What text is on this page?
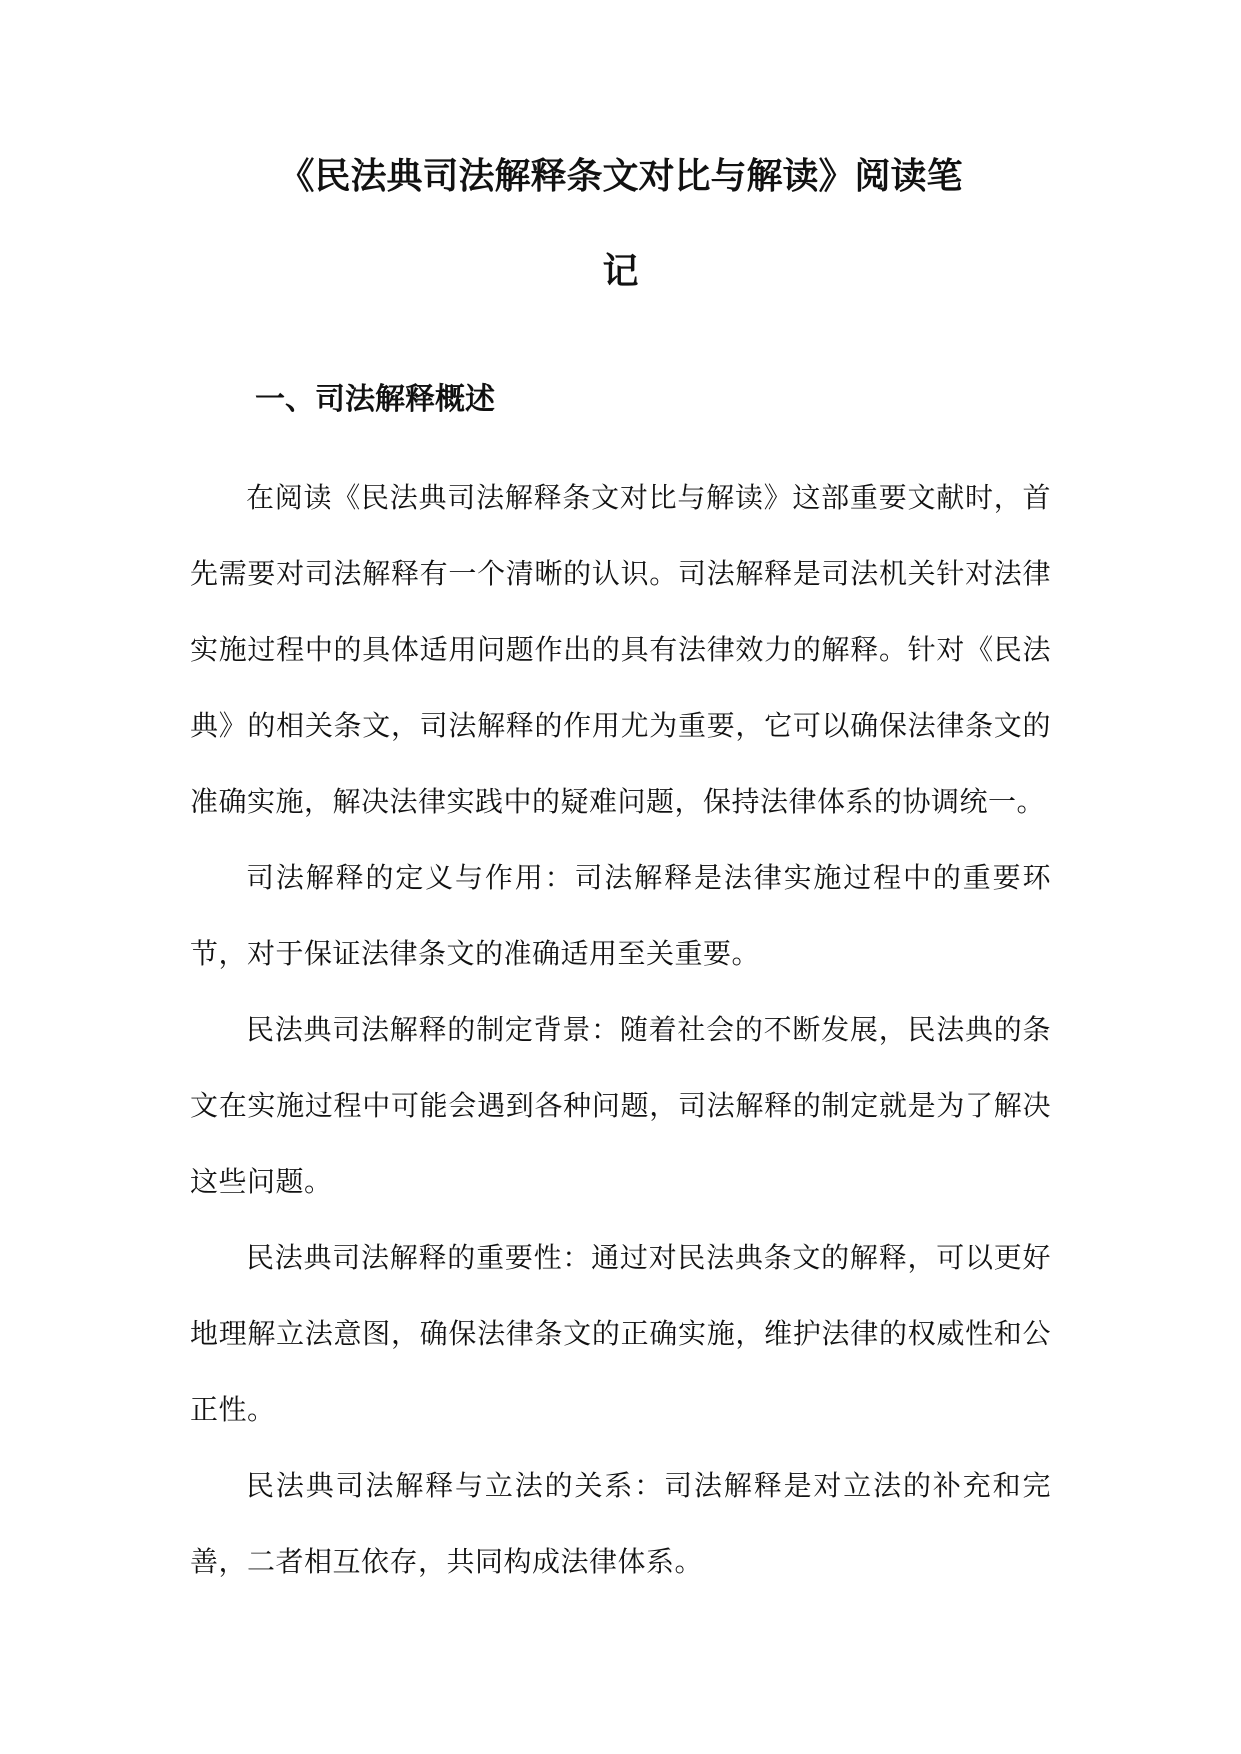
《民法典司法解释条文对比与解读》阅读笔
记
一、司法解释概述

在阅读《民法典司法解释条文对比与解读》这部重要文献时，首先需要对司法解释有一个清晰的认识。司法解释是司法机关针对法律实施过程中的具体适用问题作出的具有法律效力的解释。针对《民法典》的相关条文，司法解释的作用尤为重要，它可以确保法律条文的准确实施，解决法律实践中的疑难问题，保持法律体系的协调统一。

司法解释的定义与作用：司法解释是法律实施过程中的重要环节，对于保证法律条文的准确适用至关重要。

民法典司法解释的制定背景：随着社会的不断发展，民法典的条文在实施过程中可能会遇到各种问题，司法解释的制定就是为了解决这些问题。

民法典司法解释的重要性：通过对民法典条文的解释，可以更好地理解立法意图，确保法律条文的正确实施，维护法律的权威性和公正性。

民法典司法解释与立法的关系：司法解释是对立法的补充和完善，二者相互依存，共同构成法律体系。
